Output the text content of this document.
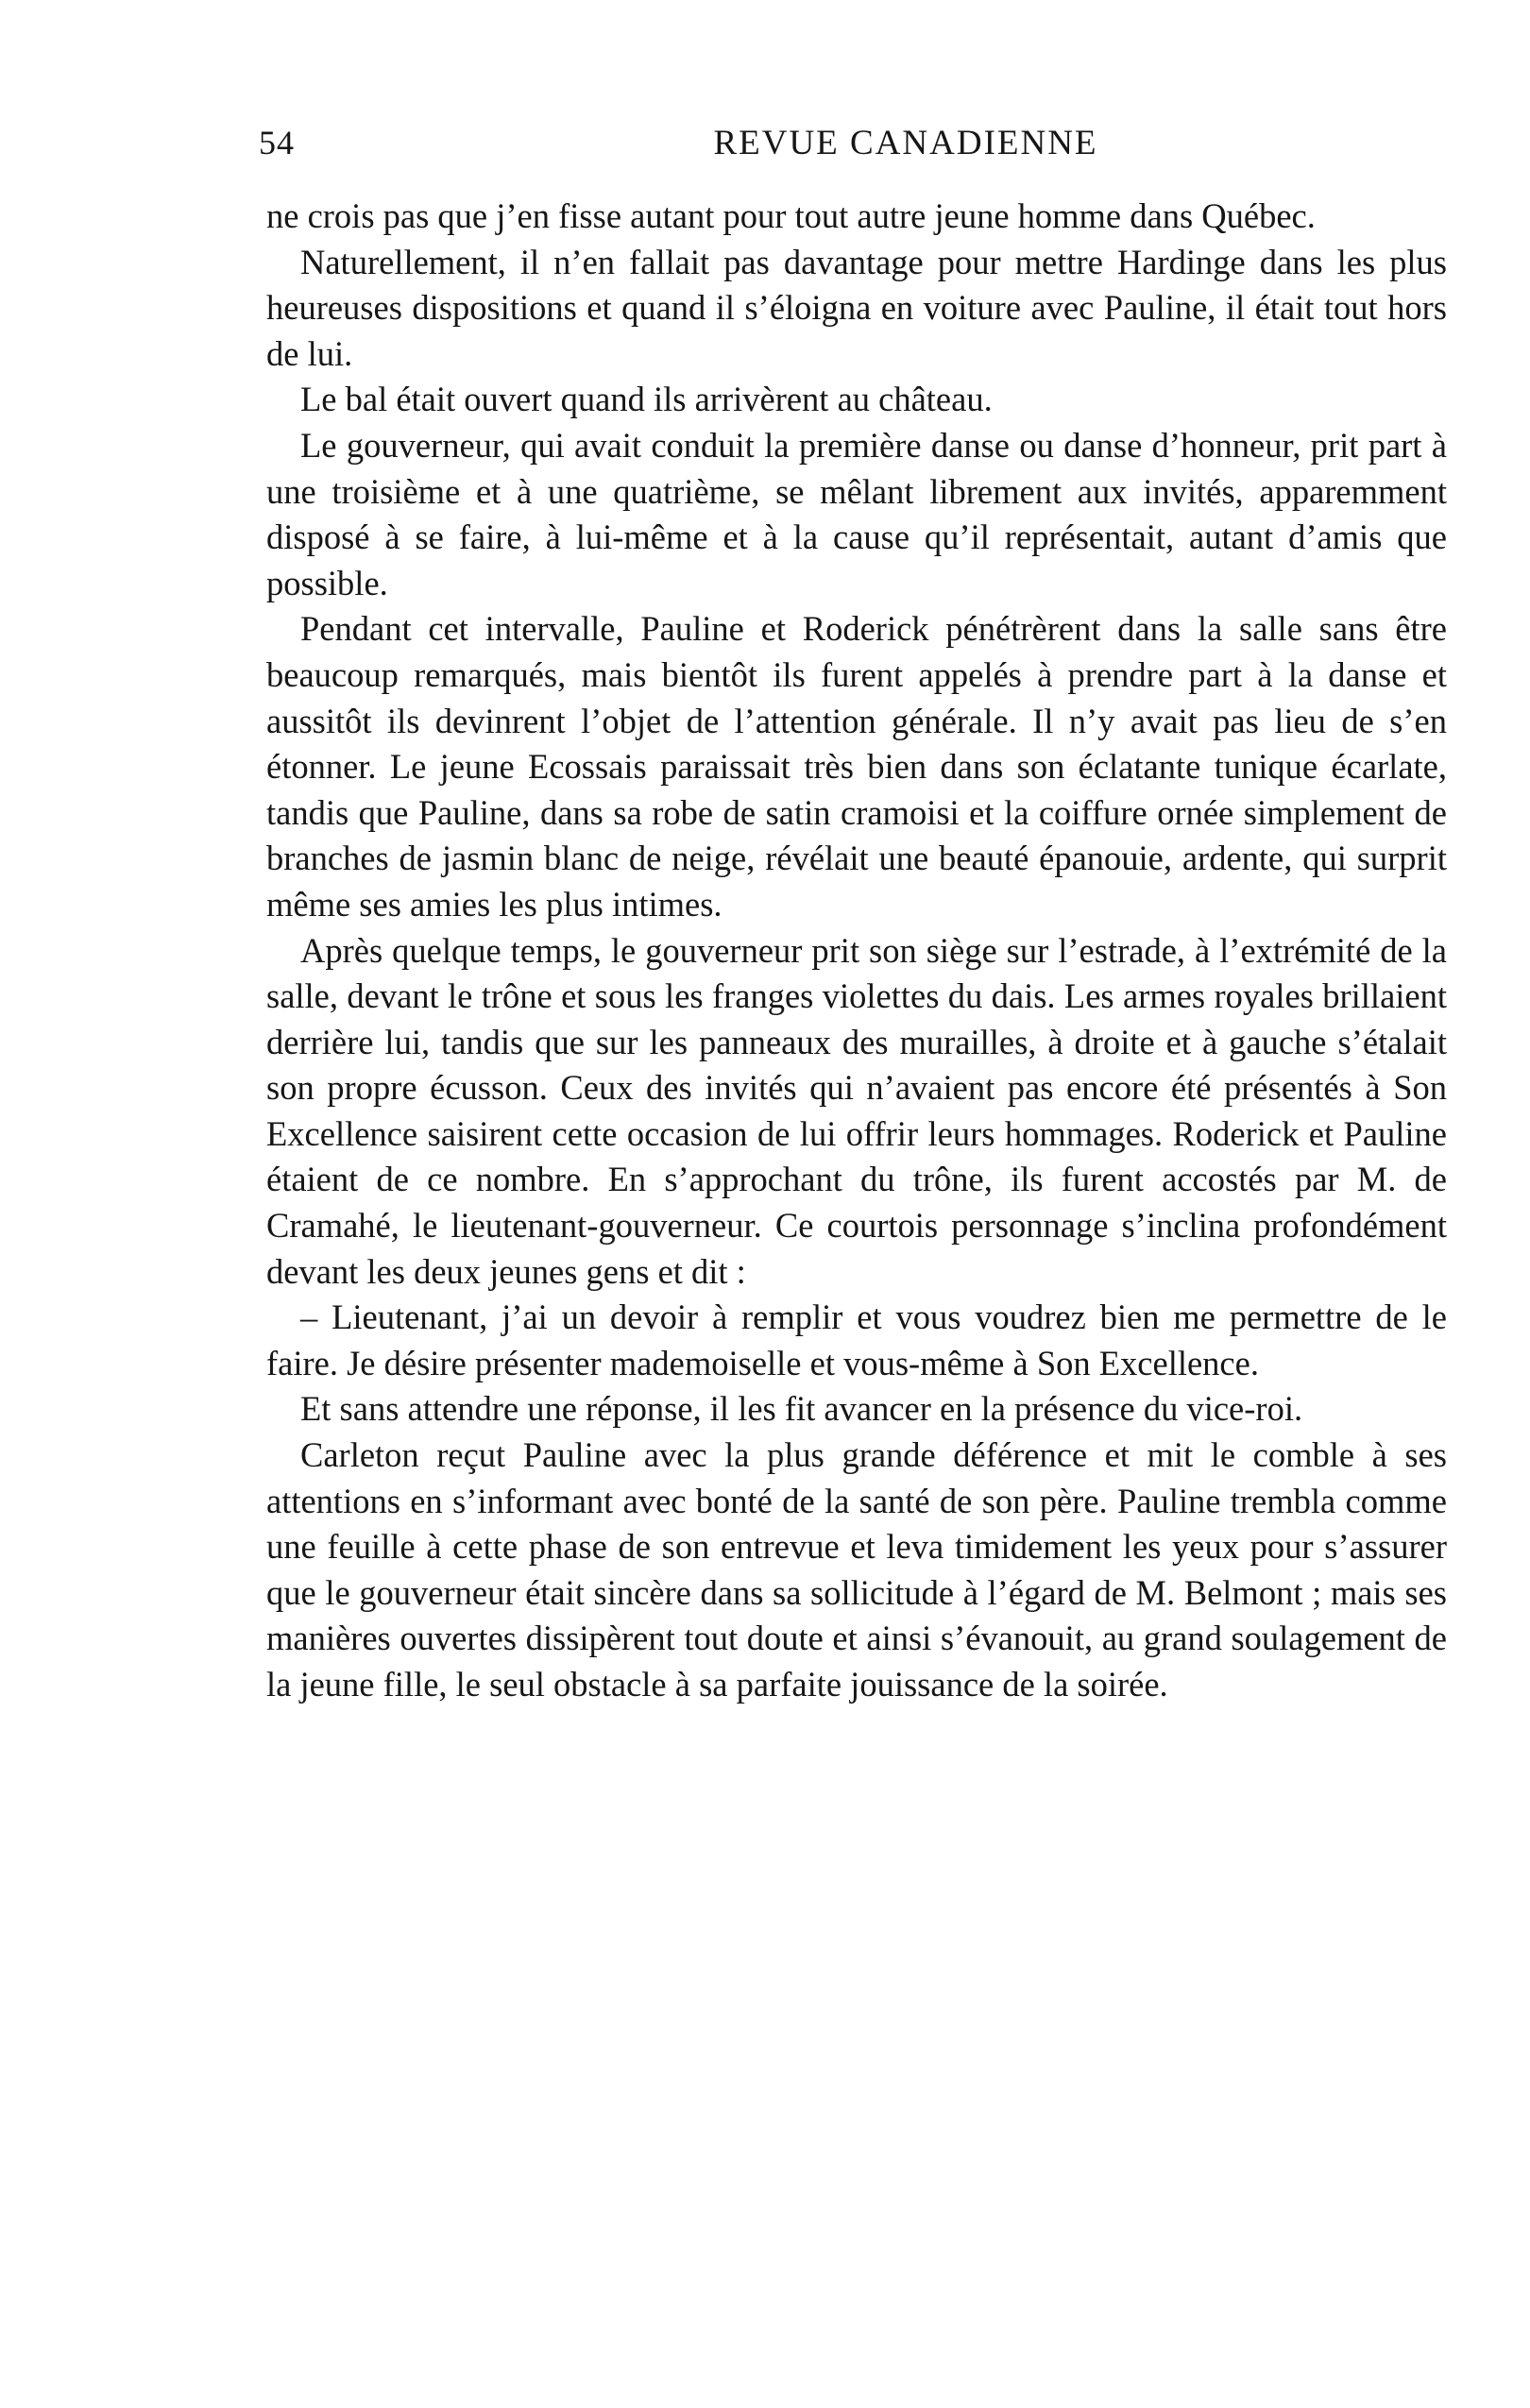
54	REVUE CANADIENNE

ne crois pas que j’en fisse autant pour tout autre jeune homme dans Québec.

Naturellement, il n’en fallait pas davantage pour mettre Hardinge dans les plus heureuses dispositions et quand il s’éloigna en voiture avec Pauline, il était tout hors de lui.

Le bal était ouvert quand ils arrivèrent au château.

Le gouverneur, qui avait conduit la première danse ou danse d’honneur, prit part à une troisième et à une quatrième, se mêlant librement aux invités, apparemment disposé à se faire, à lui-même et à la cause qu’il représentait, autant d’amis que possible.

Pendant cet intervalle, Pauline et Roderick pénétrèrent dans la salle sans être beaucoup remarqués, mais bientôt ils furent appelés à prendre part à la danse et aussitôt ils devinrent l’objet de l’attention générale. Il n’y avait pas lieu de s’en étonner. Le jeune Ecossais paraissait très bien dans son éclatante tunique écarlate, tandis que Pauline, dans sa robe de satin cramoisi et la coiffure ornée simplement de branches de jasmin blanc de neige, révélait une beauté épanouie, ardente, qui surprit même ses amies les plus intimes.

Après quelque temps, le gouverneur prit son siège sur l’estrade, à l’extrémité de la salle, devant le trône et sous les franges violettes du dais. Les armes royales brillaient derrière lui, tandis que sur les panneaux des murailles, à droite et à gauche s’étalait son propre écusson. Ceux des invités qui n’avaient pas encore été présentés à Son Excellence saisirent cette occasion de lui offrir leurs hommages. Roderick et Pauline étaient de ce nombre. En s’approchant du trône, ils furent accostés par M. de Cramahé, le lieutenant-gouverneur. Ce courtois personnage s’inclina profondément devant les deux jeunes gens et dit :

– Lieutenant, j’ai un devoir à remplir et vous voudrez bien me permettre de le faire. Je désire présenter mademoiselle et vous-même à Son Excellence.

Et sans attendre une réponse, il les fit avancer en la présence du vice-roi.

Carleton reçut Pauline avec la plus grande déférence et mit le comble à ses attentions en s’informant avec bonté de la santé de son père. Pauline trembla comme une feuille à cette phase de son entrevue et leva timidement les yeux pour s’assurer que le gouverneur était sincère dans sa sollicitude à l’égard de M. Belmont ; mais ses manières ouvertes dissipèrent tout doute et ainsi s’évanouit, au grand soulagement de la jeune fille, le seul obstacle à sa parfaite jouissance de la soirée.
